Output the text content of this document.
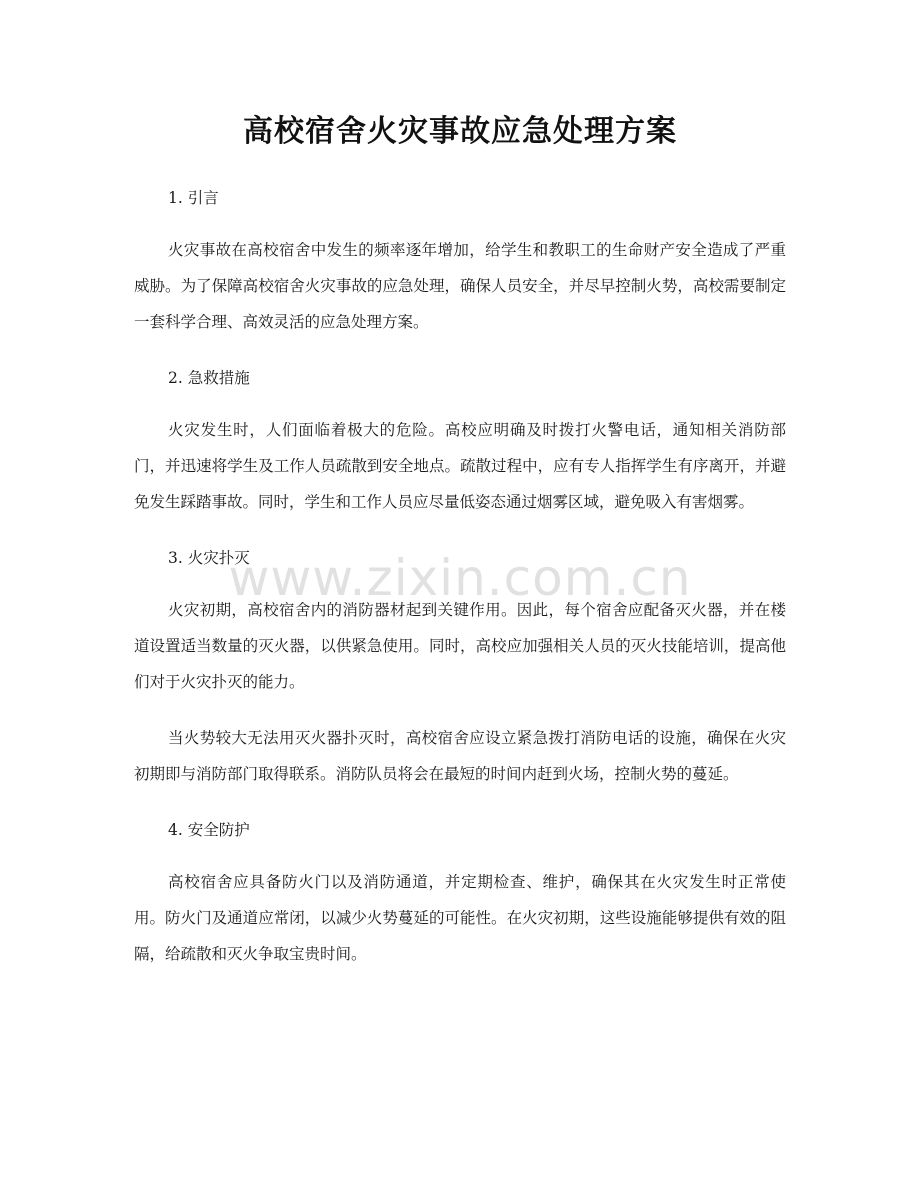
高校宿舍火灾事故应急处理方案

1. 引言

火灾事故在高校宿舍中发生的频率逐年增加，给学生和教职工的生命财产安全造成了严重威胁。为了保障高校宿舍火灾事故的应急处理，确保人员安全，并尽早控制火势，高校需要制定一套科学合理、高效灵活的应急处理方案。

2. 急救措施

火灾发生时，人们面临着极大的危险。高校应明确及时拨打火警电话，通知相关消防部门，并迅速将学生及工作人员疏散到安全地点。疏散过程中，应有专人指挥学生有序离开，并避免发生踩踏事故。同时，学生和工作人员应尽量低姿态通过烟雾区域，避免吸入有害烟雾。

3. 火灾扑灭

火灾初期，高校宿舍内的消防器材起到关键作用。因此，每个宿舍应配备灭火器，并在楼道设置适当数量的灭火器，以供紧急使用。同时，高校应加强相关人员的灭火技能培训，提高他们对于火灾扑灭的能力。

当火势较大无法用灭火器扑灭时，高校宿舍应设立紧急拨打消防电话的设施，确保在火灾初期即与消防部门取得联系。消防队员将会在最短的时间内赶到火场，控制火势的蔓延。

4. 安全防护

高校宿舍应具备防火门以及消防通道，并定期检查、维护，确保其在火灾发生时正常使用。防火门及通道应常闭，以减少火势蔓延的可能性。在火灾初期，这些设施能够提供有效的阻隔，给疏散和灭火争取宝贵时间。

www.zixin.com.cn
